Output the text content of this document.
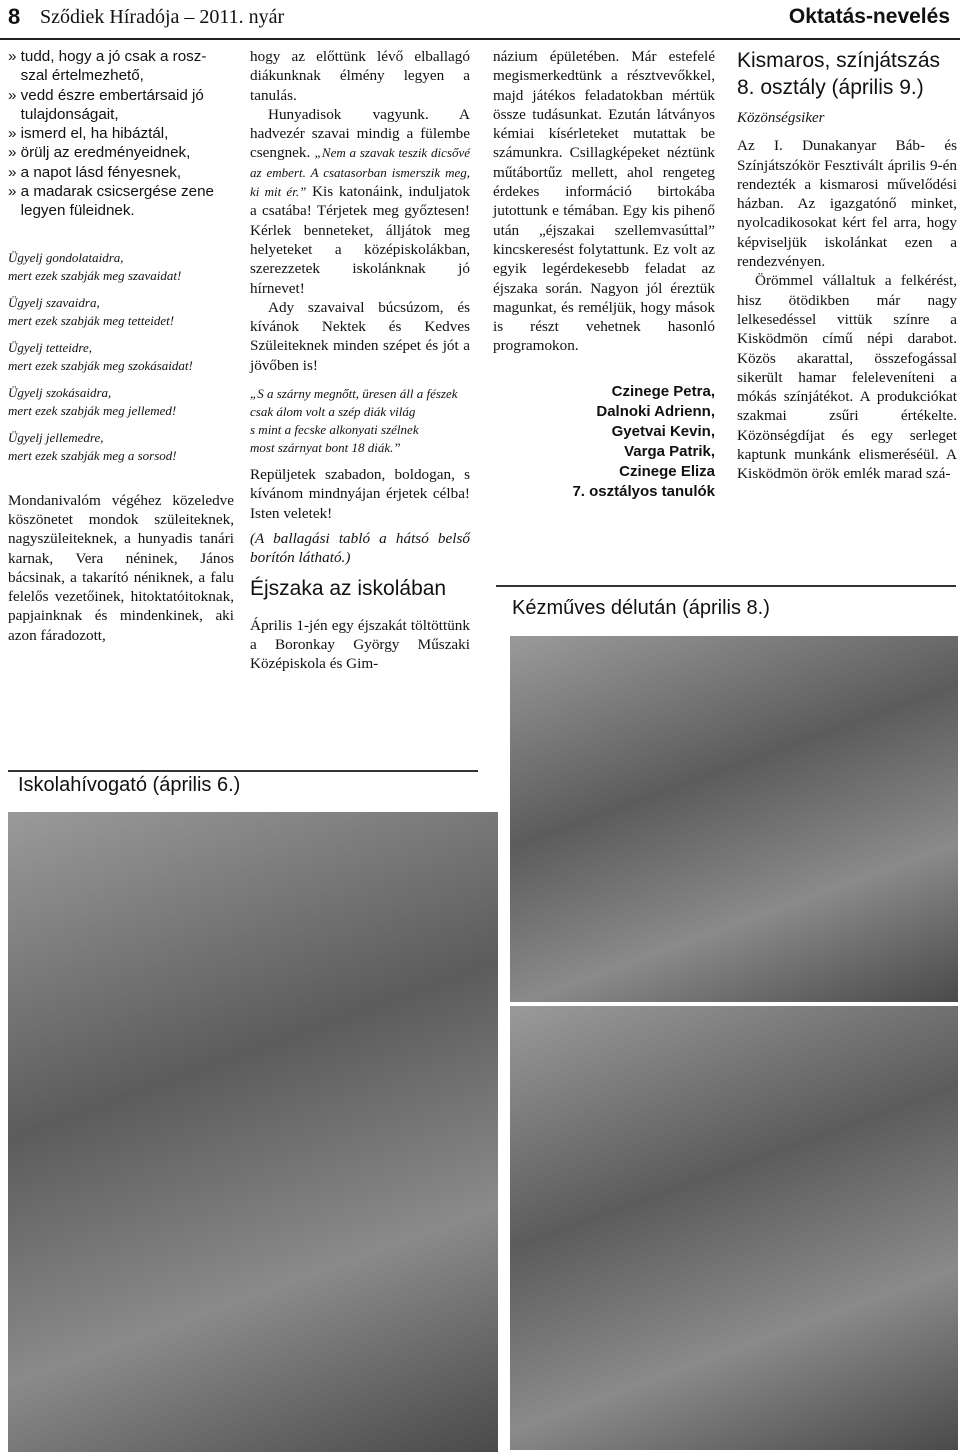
8 Sződiek Híradója – 2011. nyár	Oktatás-nevelés
» tudd, hogy a jó csak a rosz-
szal értelmezhető,
» vedd észre embertársaid jó
tulajdonságait,
» ismerd el, ha hibáztál,
» örülj az eredményeidnek,
» a napot lásd fényesnek,
» a madarak csicsergése zene
legyen füleidnek.
Ügyelj gondolataidra,
mert ezek szabják meg szavaidat!
Ügyelj szavaidra,
mert ezek szabják meg tetteidet!
Ügyelj tetteidre,
mert ezek szabják meg szokásaidat!
Ügyelj szokásaidra,
mert ezek szabják meg jellemed!
Ügyelj jellemedre,
mert ezek szabják meg a sorsod!

Mondanivalóm végéhez közeledve köszönetet mondok szüleiteknek, nagyszüleiteknek, a hunyadis tanári karnak, Vera néninek, János bácsinak, a takarító néniknek, a falu felelős vezetőinek, hitoktatóitoknak, papjainknak és mindenkinek, aki azon fáradozott,

hogy az előttünk lévő elballagó diákunknak élmény legyen a tanulás.

Hunyadisok vagyunk. A hadvezér szavai mindig a fülembe csengnek. „Nem a szavak teszik dicsővé az embert. A csatasorban ismerszik meg, ki mit ér.” Kis katonáink, induljatok a csatába! Térjetek meg győztesen! Kérlek benneteket, álljátok meg helyeteket a középiskolákban, szerezzetek iskolánknak jó hírnevet!

Ady szavaival búcsúzom, és kívánok Nektek és Kedves Szüleiteknek minden szépet és jót a jövőben is!

„S a szárny megnőtt, üresen áll a fészek
csak álom volt a szép diák világ
s mint a fecske alkonyati szélnek
most szárnyat bont 18 diák.”

Repüljetek szabadon, boldogan, s kívánom mindnyájan érjetek célba! Isten veletek!

(A ballagási tabló a hátsó belső borítón látható.)

Éjszaka az iskolában

Április 1-jén egy éjszakát töltöttünk a Boronkay György Műszaki Középiskola és Gim-

názium épületében. Már estefelé megismerkedtünk a résztvevőkkel, majd játékos feladatokban mértük össze tudásunkat. Ezután látványos kémiai kísérleteket mutattak be számunkra. Csillagképeket néztünk műtábortűz mellett, ahol rengeteg érdekes információ birtokába jutottunk e témában. Egy kis pihenő után „éjszakai szellemvasúttal” kincskeresést folytattunk. Ez volt az egyik legérdekesebb feladat az éjszaka során. Nagyon jól éreztük magunkat, és reméljük, hogy mások is részt vehetnek hasonló programokon.

Czinege Petra,
Dalnoki Adrienn,
Gyetvai Kevin,
Varga Patrik,
Czinege Eliza
7. osztályos tanulók
Kismaros, színjátszás
8. osztály (április 9.)
Közönségsiker

Az I. Dunakanyar Báb- és Színjátszókör Fesztivált április 9-én rendezték a kismarosi művelődési házban. Az igazgatónő minket, nyolcadikosokat kért fel arra, hogy képviseljük iskolánkat ezen a rendezvényen.

Örömmel vállaltuk a felkérést, hisz ötödikben már nagy lelkesedéssel vittük színre a Kisködmön című népi darabot. Közös akarattal, összefogással sikerült hamar feleleveníteni a mókás színjátékot. A produkciókat szakmai zsűri értékelte. Közönségdíjat és egy serleget kaptunk munkánk elismeréséül. A Kisködmön örök emlék marad szá-

Kézműves délután (április 8.)
Iskolahívogató (április 6.)
